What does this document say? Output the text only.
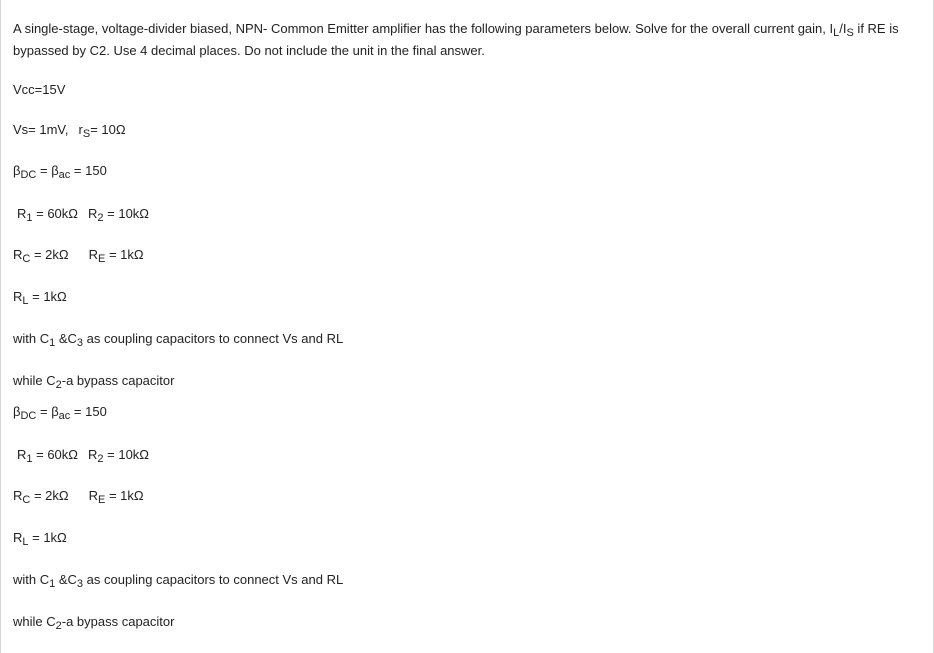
A single-stage, voltage-divider biased, NPN- Common Emitter amplifier has the following parameters below. Solve for the overall current gain, $I_L/I_S$ if RE is bypassed by C2. Use 4 decimal places. Do not include the unit in the final answer.
Vcc=15V
Vs= 1mV, $r_S= 10\Omega$
$\beta_{DC} = \beta_{ac} = 150$
$R_1 = 60k\Omega$ $R_2 = 10k\Omega$
$R_C = 2k\Omega$ $R_E = 1k\Omega$
$R_L = 1k\Omega$
with $C_1$ $\&C_3$ as coupling capacitors to connect Vs and RL
while $C_2-a$ bypass capacitor
$\beta_{DC} = \beta_{ac} = 150$
$R_1 = 60k\Omega$ $R_2 = 10k\Omega$
$R_C = 2k\Omega$ $R_E = 1k\Omega$
$R_L = 1k\Omega$
with $C_1$ $\&C_3$ as coupling capacitors to connect Vs and RL
while $C_2-a$ bypass capacitor
